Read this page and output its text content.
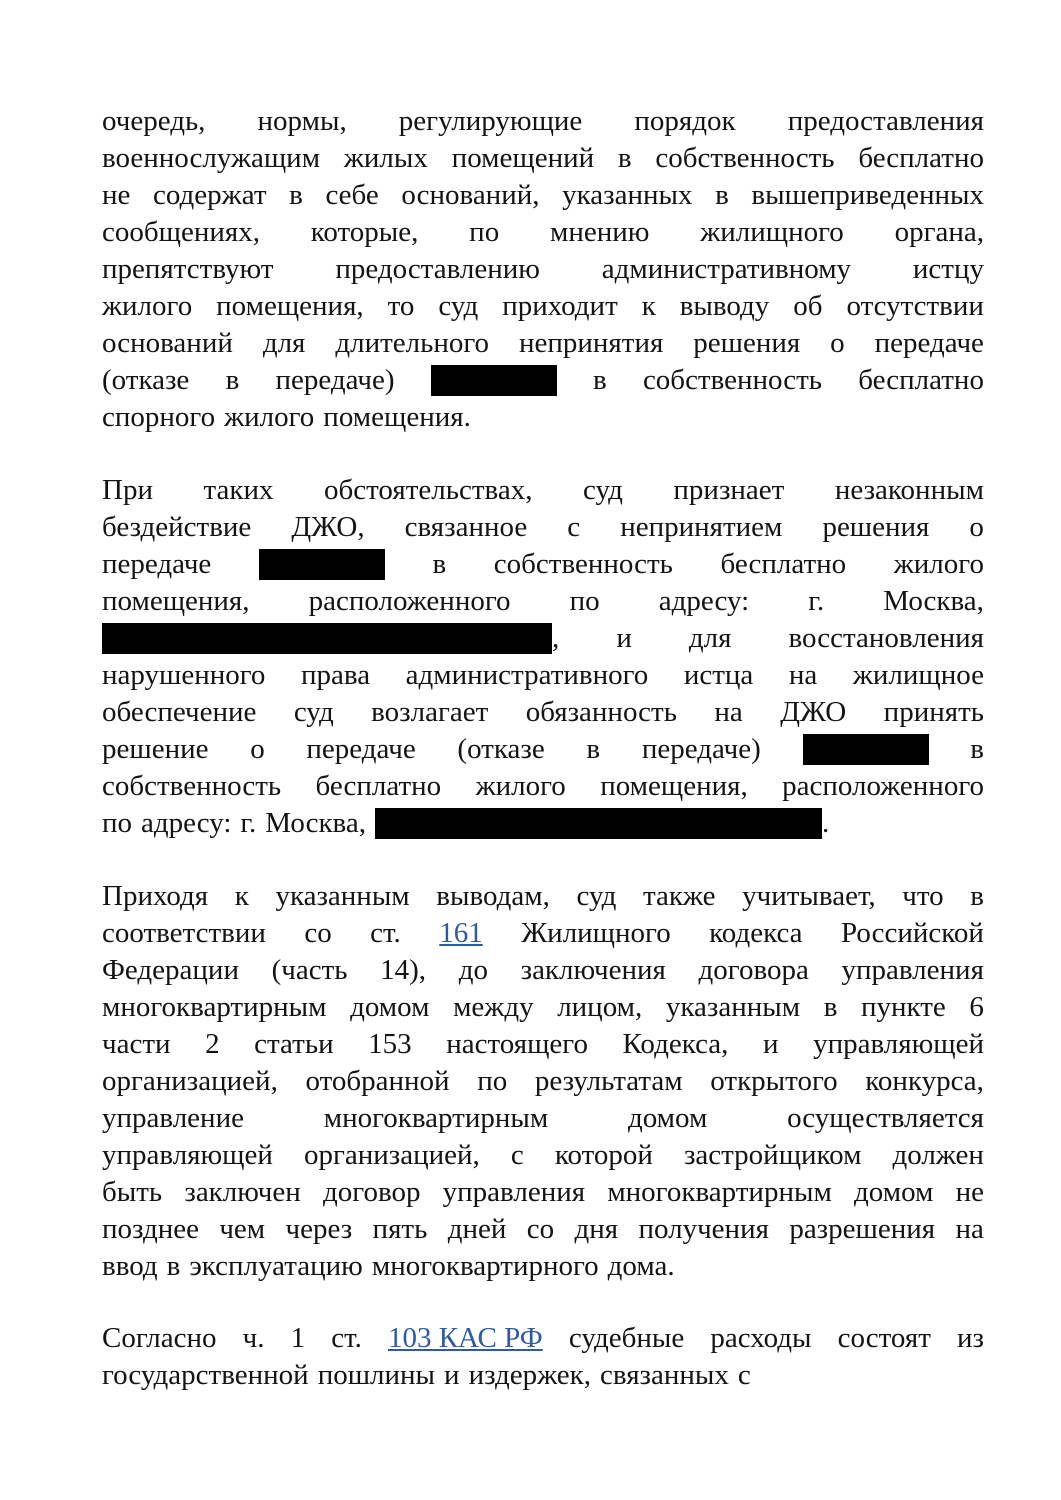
очередь, нормы, регулирующие порядок предоставления
военнослужащим жилых помещений в собственность бесплатно
не содержат в себе оснований, указанных в вышеприведенных
сообщениях, которые, по мнению жилищного органа,
препятствуют предоставлению административному истцу
жилого помещения, то суд приходит к выводу об отсутствии
оснований для длительного непринятия решения о передаче
(отказе в передаче)	в собственность бесплатно
спорного жилого помещения.
При таких обстоятельствах, суд признает незаконным
бездействие ДЖО, связанное с непринятием решения о
передаче	в собственность бесплатно жилого
помещения, расположенного по адресу: г. Москва,
, и для восстановления
нарушенного права административного истца на жилищное
обеспечение суд возлагает обязанность на ДЖО принять
решение о передаче (отказе в передаче)	в
собственность бесплатно жилого помещения, расположенного
по адресу: г. Москва,	.
Приходя к указанным выводам, суд также учитывает, что в
соответствии со ст. 161 Жилищного кодекса Российской
Федерации (часть 14), до заключения договора управления
многоквартирным домом между лицом, указанным в пункте 6
части 2 статьи 153 настоящего Кодекса, и управляющей
организацией, отобранной по результатам открытого конкурса,
управление	многоквартирным	домом	осуществляется
управляющей организацией, с которой застройщиком должен
быть заключен договор управления многоквартирным домом не
позднее чем через пять дней со дня получения разрешения на
ввод в эксплуатацию многоквартирного дома.
Согласно ч. 1 ст. 103 КАС РФ судебные расходы состоят из
государственной пошлины и издержек, связанных с
